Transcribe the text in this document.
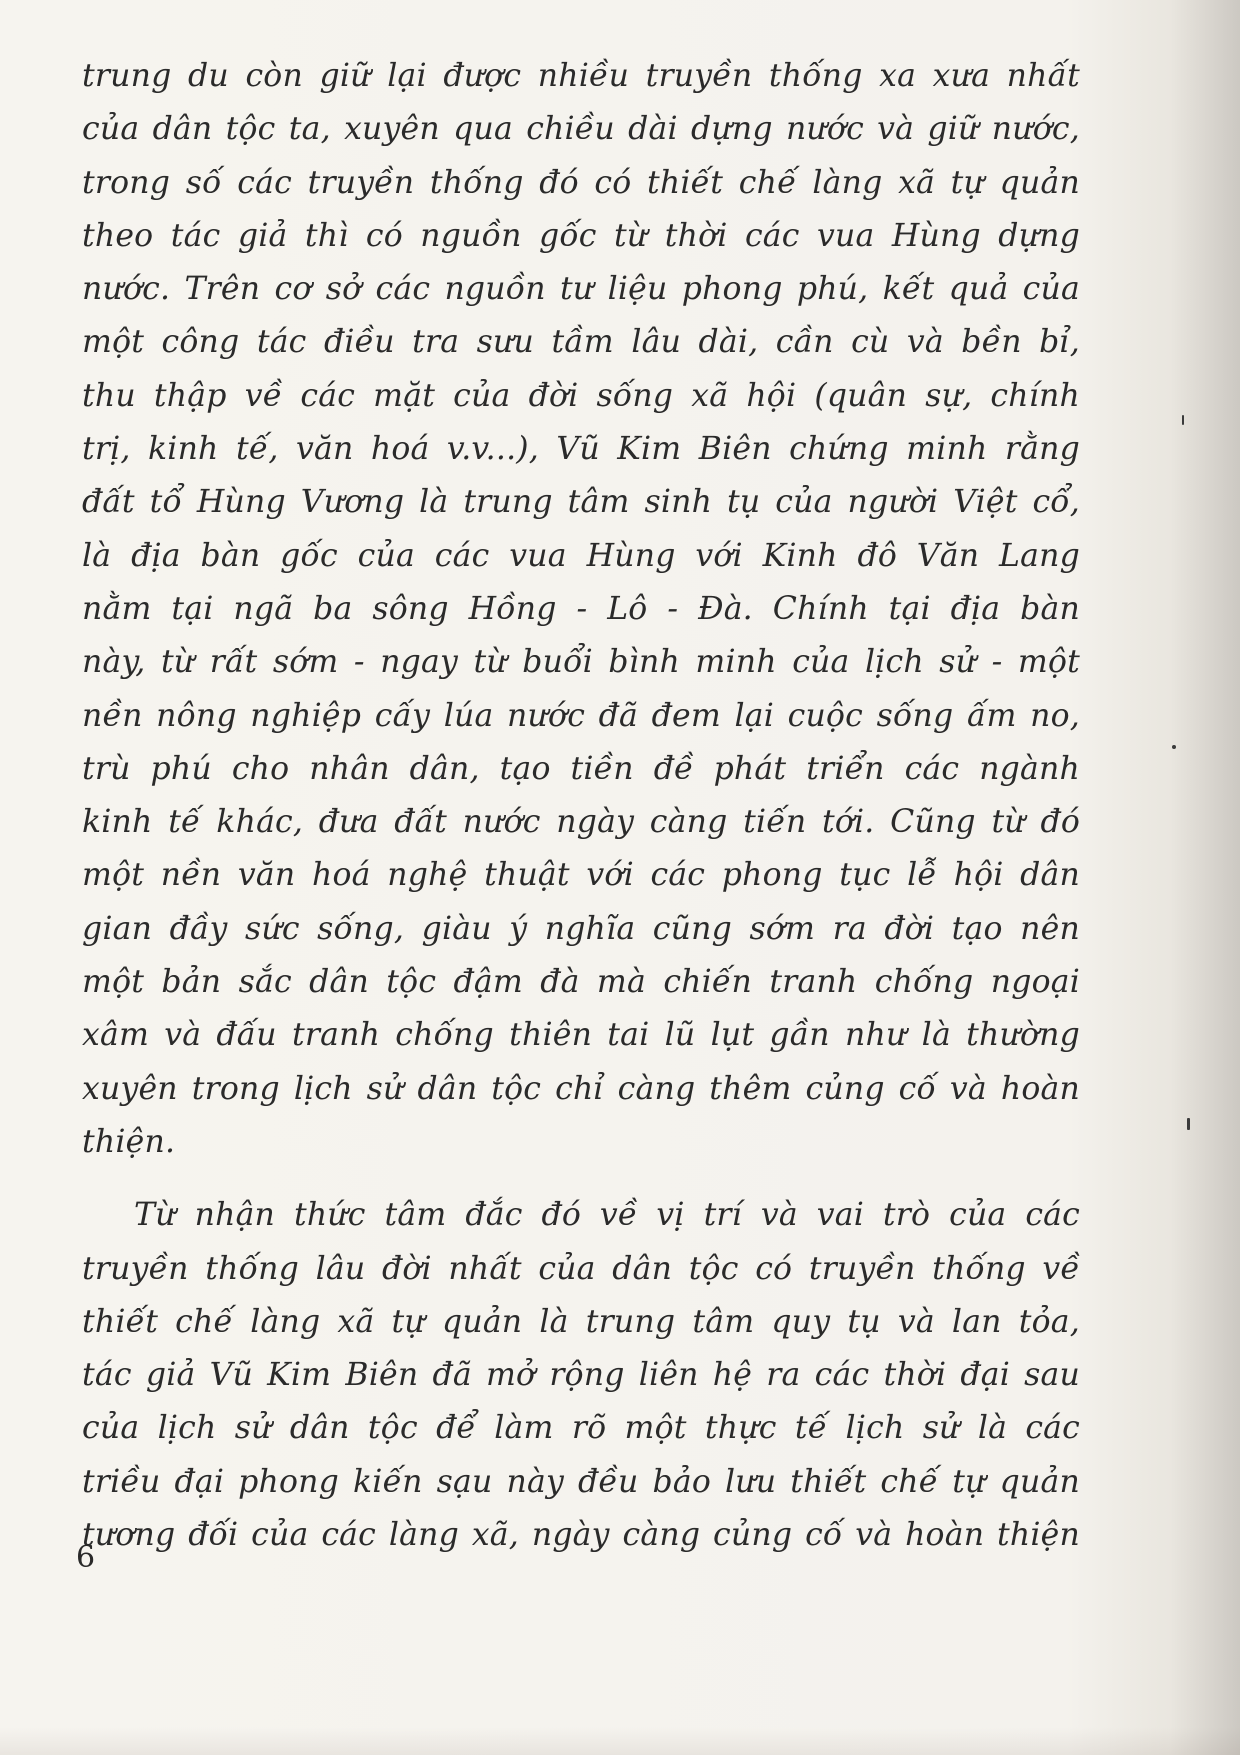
trung du còn giữ lại được nhiều truyền thống xa xưa nhất
của dân tộc ta, xuyên qua chiều dài dựng nước và giữ nước,
trong số các truyền thống đó có thiết chế làng xã tự quản
theo tác giả thì có nguồn gốc từ thời các vua Hùng dựng
nước. Trên cơ sở các nguồn tư liệu phong phú, kết quả của
một công tác điều tra sưu tầm lâu dài, cần cù và bền bỉ,
thu thập về các mặt của đời sống xã hội (quân sự, chính
trị, kinh tế, văn hoá v.v...), Vũ Kim Biên chứng minh rằng
đất tổ Hùng Vương là trung tâm sinh tụ của người Việt cổ,
là địa bàn gốc của các vua Hùng với Kinh đô Văn Lang
nằm tại ngã ba sông Hồng - Lô - Đà. Chính tại địa bàn
này, từ rất sớm - ngay từ buổi bình minh của lịch sử - một
nền nông nghiệp cấy lúa nước đã đem lại cuộc sống ấm no,
trù phú cho nhân dân, tạo tiền đề phát triển các ngành
kinh tế khác, đưa đất nước ngày càng tiến tới. Cũng từ đó
một nền văn hoá nghệ thuật với các phong tục lễ hội dân
gian đầy sức sống, giàu ý nghĩa cũng sớm ra đời tạo nên
một bản sắc dân tộc đậm đà mà chiến tranh chống ngoại
xâm và đấu tranh chống thiên tai lũ lụt gần như là thường
xuyên trong lịch sử dân tộc chỉ càng thêm củng cố và hoàn
thiện.
Từ nhận thức tâm đắc đó về vị trí và vai trò của các
truyền thống lâu đời nhất của dân tộc có truyền thống về
thiết chế làng xã tự quản là trung tâm quy tụ và lan tỏa,
tác giả Vũ Kim Biên đã mở rộng liên hệ ra các thời đại sau
của lịch sử dân tộc để làm rõ một thực tế lịch sử là các
triều đại phong kiến sạu này đều bảo lưu thiết chế tự quản
tương đối của các làng xã, ngày càng củng cố và hoàn thiện
6
